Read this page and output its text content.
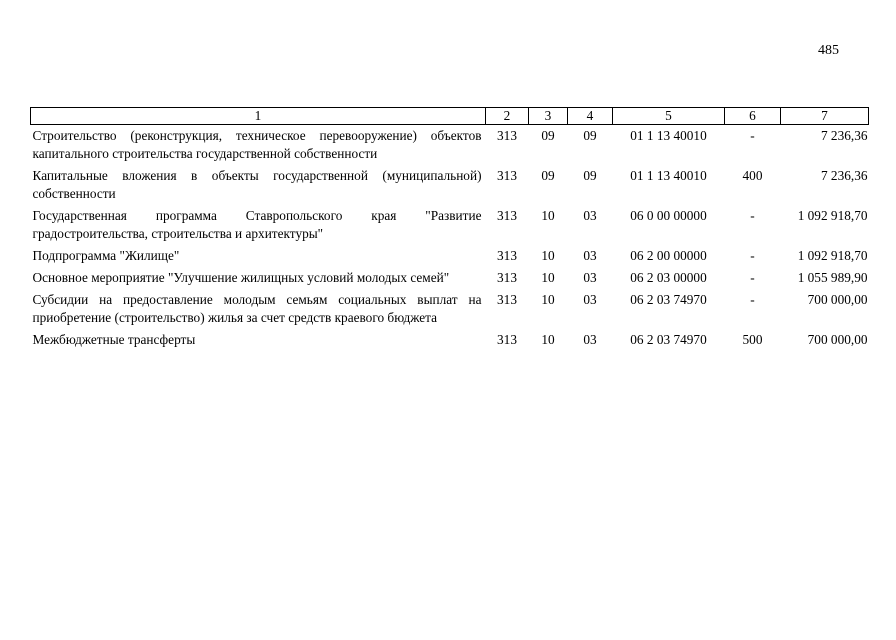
485
1	2	3	4	5	6	7
Строительство (реконструкция, техническое перевооружение) объектов капитального строительства государственной собственности	313	09	09	01 1 13 40010	-	7 236,36
Капитальные вложения в объекты государственной (муниципальной) собственности	313	09	09	01 1 13 40010	400	7 236,36
Государственная программа Ставропольского края "Развитие градостроительства, строительства и архитектуры"	313	10	03	06 0 00 00000	-	1 092 918,70
Подпрограмма "Жилище"	313	10	03	06 2 00 00000	-	1 092 918,70
Основное мероприятие "Улучшение жилищных условий молодых семей"	313	10	03	06 2 03 00000	-	1 055 989,90
Субсидии на предоставление молодым семьям социальных выплат на приобретение (строительство) жилья за счет средств краевого бюджета	313	10	03	06 2 03 74970	-	700 000,00
Межбюджетные трансферты	313	10	03	06 2 03 74970	500	700 000,00
